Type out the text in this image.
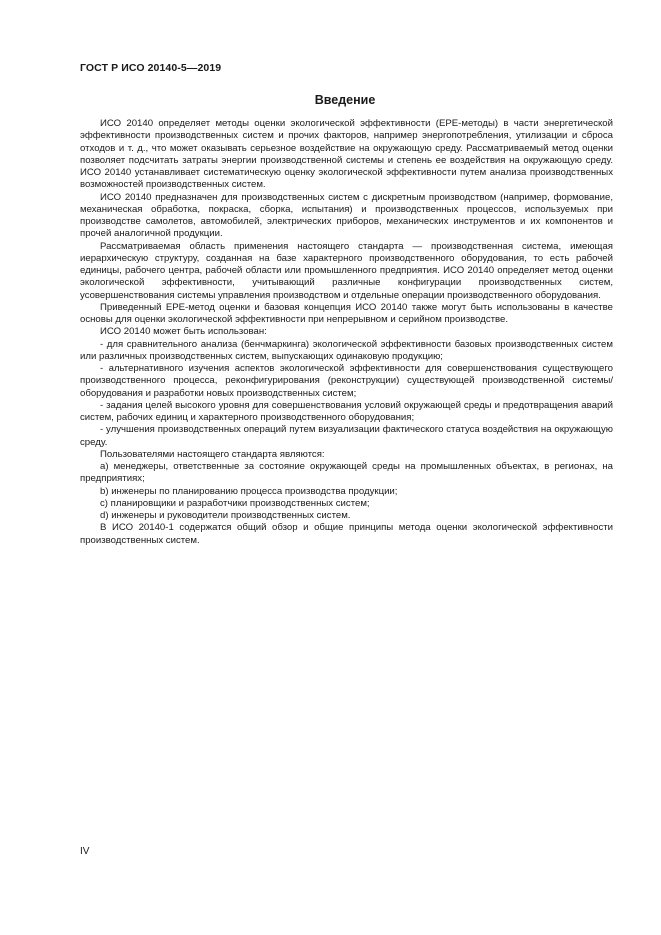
ГОСТ Р ИСО 20140-5—2019
Введение

ИСО 20140 определяет методы оценки экологической эффективности (EPE-методы) в части энергетической эффективности производственных систем и прочих факторов, например энергопотребления, утилизации и сброса отходов и т. д., что может оказывать серьезное воздействие на окружающую среду. Рассматриваемый метод оценки позволяет подсчитать затраты энергии производственной системы и степень ее воздействия на окружающую среду. ИСО 20140 устанавливает систематическую оценку экологической эффективности путем анализа производственных возможностей производственных систем.

ИСО 20140 предназначен для производственных систем с дискретным производством (например, формование, механическая обработка, покраска, сборка, испытания) и производственных процессов, используемых при производстве самолетов, автомобилей, электрических приборов, механических инструментов и их компонентов и прочей аналогичной продукции.

Рассматриваемая область применения настоящего стандарта — производственная система, имеющая иерархическую структуру, созданная на базе характерного производственного оборудования, то есть рабочей единицы, рабочего центра, рабочей области или промышленного предприятия. ИСО 20140 определяет метод оценки экологической эффективности, учитывающий различные конфигурации производственных систем, усовершенствования системы управления производством и отдельные операции производственного оборудования.

Приведенный EPE-метод оценки и базовая концепция ИСО 20140 также могут быть использованы в качестве основы для оценки экологической эффективности при непрерывном и серийном производстве.

ИСО 20140 может быть использован:

- для сравнительного анализа (бенчмаркинга) экологической эффективности базовых производственных систем или различных производственных систем, выпускающих одинаковую продукцию;

- альтернативного изучения аспектов экологической эффективности для совершенствования существующего производственного процесса, реконфигурирования (реконструкции) существующей производственной системы/оборудования и разработки новых производственных систем;

- задания целей высокого уровня для совершенствования условий окружающей среды и предотвращения аварий систем, рабочих единиц и характерного производственного оборудования;

- улучшения производственных операций путем визуализации фактического статуса воздействия на окружающую среду.

Пользователями настоящего стандарта являются:

a) менеджеры, ответственные за состояние окружающей среды на промышленных объектах, в регионах, на предприятиях;

b) инженеры по планированию процесса производства продукции;

c) планировщики и разработчики производственных систем;

d) инженеры и руководители производственных систем.

В ИСО 20140-1 содержатся общий обзор и общие принципы метода оценки экологической эффективности производственных систем.

IV
